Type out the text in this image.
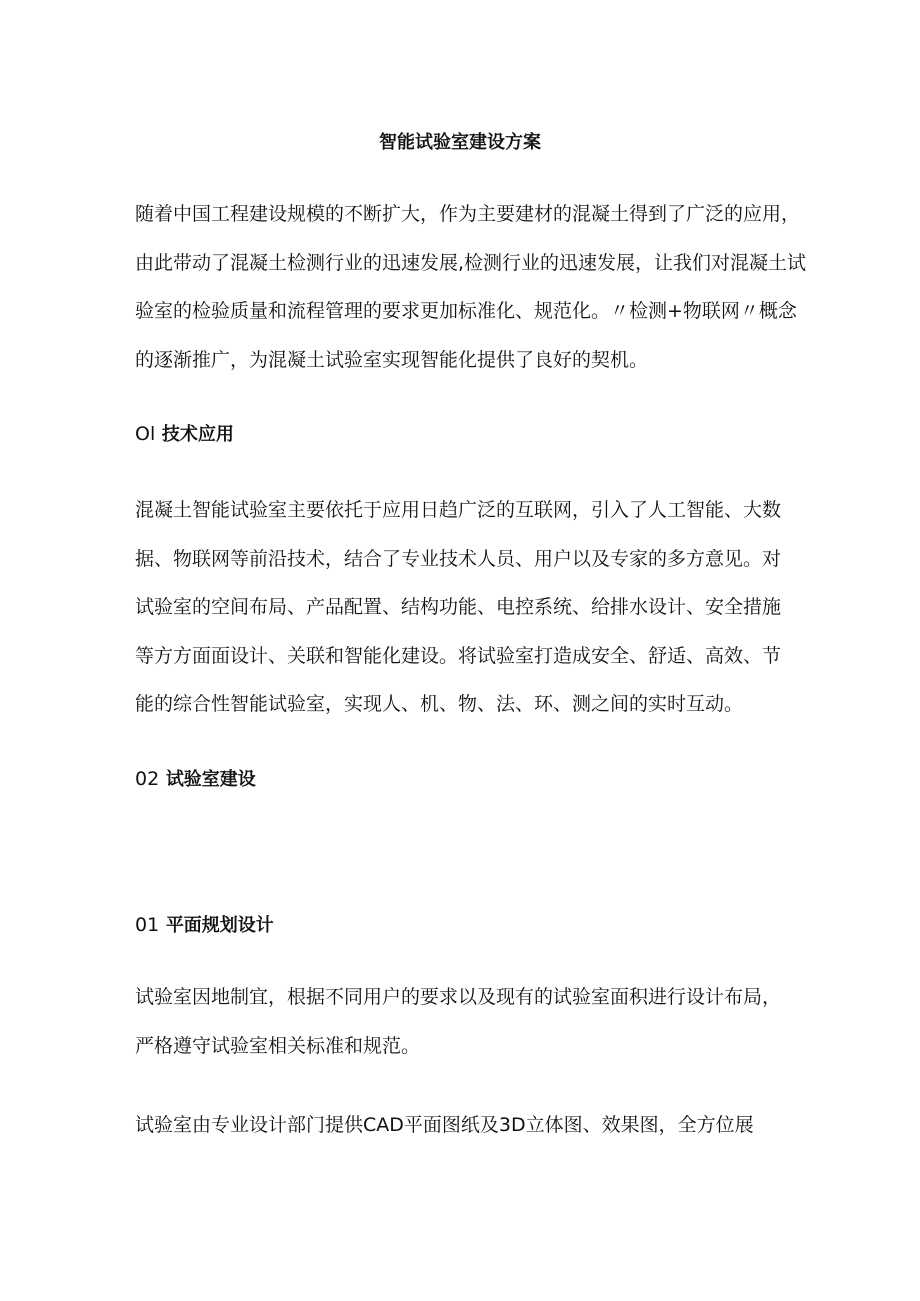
智能试验室建设方案

随着中国工程建设规模的不断扩大，作为主要建材的混凝土得到了广泛的应用，
由此带动了混凝土检测行业的迅速发展,检测行业的迅速发展，让我们对混凝土试
验室的检验质量和流程管理的要求更加标准化、规范化。〃检测+物联网〃概念
的逐渐推广，为混凝土试验室实现智能化提供了良好的契机。

Ol 技术应用

混凝土智能试验室主要依托于应用日趋广泛的互联网，引入了人工智能、大数
据、物联网等前沿技术，结合了专业技术人员、用户以及专家的多方意见。对
试验室的空间布局、产品配置、结构功能、电控系统、给排水设计、安全措施
等方方面面设计、关联和智能化建设。将试验室打造成安全、舒适、高效、节
能的综合性智能试验室，实现人、机、物、法、环、测之间的实时互动。

02 试验室建设
01 平面规划设计

试验室因地制宜，根据不同用户的要求以及现有的试验室面积进行设计布局，
严格遵守试验室相关标准和规范。

试验室由专业设计部门提供CAD平面图纸及3D立体图、效果图，全方位展
